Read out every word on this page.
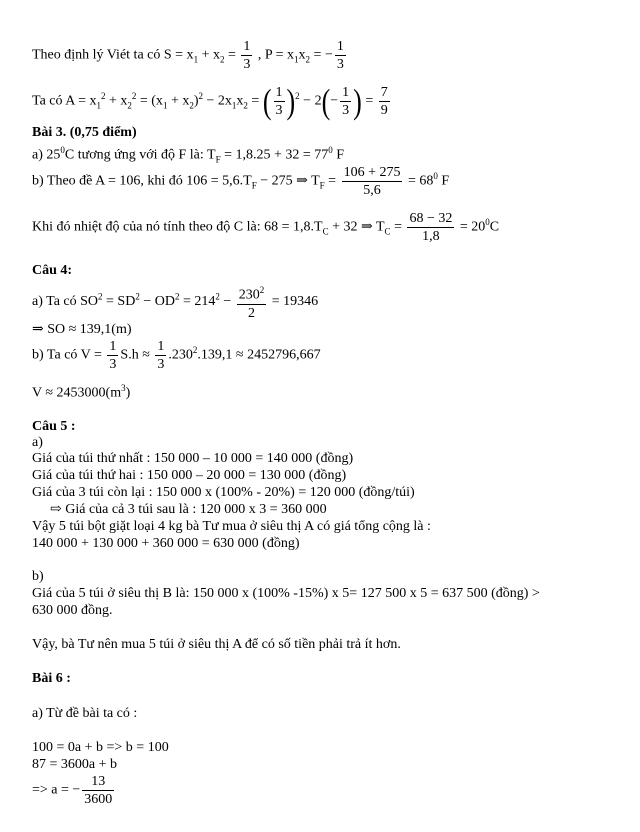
Theo định lý Viét ta có $S = x_1 + x_2 = \frac{1}{3}$ , $P = x_1x_2$ = − $\frac{1}{3}$
Ta có $A = x_1^2 + x_2^2 = (x_1 + x_2)^2 - 2x_1x_2$ = ( $\frac{1}{3} )^2 - 2(- \frac{1}{3}$ ) = $\frac{7}{9}$
Bài 3. (0,75 điểm)
a) $25^0C$ tương ứng với độ F là: $T_F = 1,8.25 + 32 = 77^0$ F
b) Theo đề A = 106, khi đó $106 = 5,6.T_F - 275$ ⇒ $T_F = \frac{106 + 275}{5,6} = 68^0$ F
Khi đó nhiệt độ của nó tính theo độ C là: $68 = 1,8.T_C + 32$ ⇒ $T_C = \frac{68 - 32}{1,8} = 20^0C$
Câu 4:
a) Ta có $SO^2 = SD^2 - OD^2 = 214^2 - \frac{230^2}{2} = 19346$
⇒ SO ≈ 139,1(m)
b) Ta có $V = \frac{1}{3} S.h \approx \frac{1}{3} .230^2.139,1 \approx 2452796,667$
$V \approx 2453000(m^3)$
Câu 5 :
a)
Giá của túi thứ nhất : 150 000 – 10 000 = 140 000 (đồng)
Giá của túi thứ hai : 150 000 – 20 000 = 130 000 (đồng)
Giá của 3 túi còn lại : 150 000 x (100% - 20%) = 120 000 (đồng/túi)
⇨ Giá của cả 3 túi sau là : 120 000 x 3 = 360 000
Vậy 5 túi bột giặt loại 4 kg bà Tư mua ở siêu thị A có giá tổng cộng là :
140 000 + 130 000 + 360 000 = 630 000 (đồng)
b)
Giá của 5 túi ở siêu thị B là: 150 000 x (100% -15%) x 5= 127 500 x 5 = 637 500 (đồng) >
630 000 đồng.
Vậy, bà Tư nên mua 5 túi ở siêu thị A để có số tiền phải trả ít hơn.
Bài 6 :
a) Từ đề bài ta có :
100 = 0a + b => b = 100
87 = 3600a + b
=> a = − $\frac{13}{3600}$
